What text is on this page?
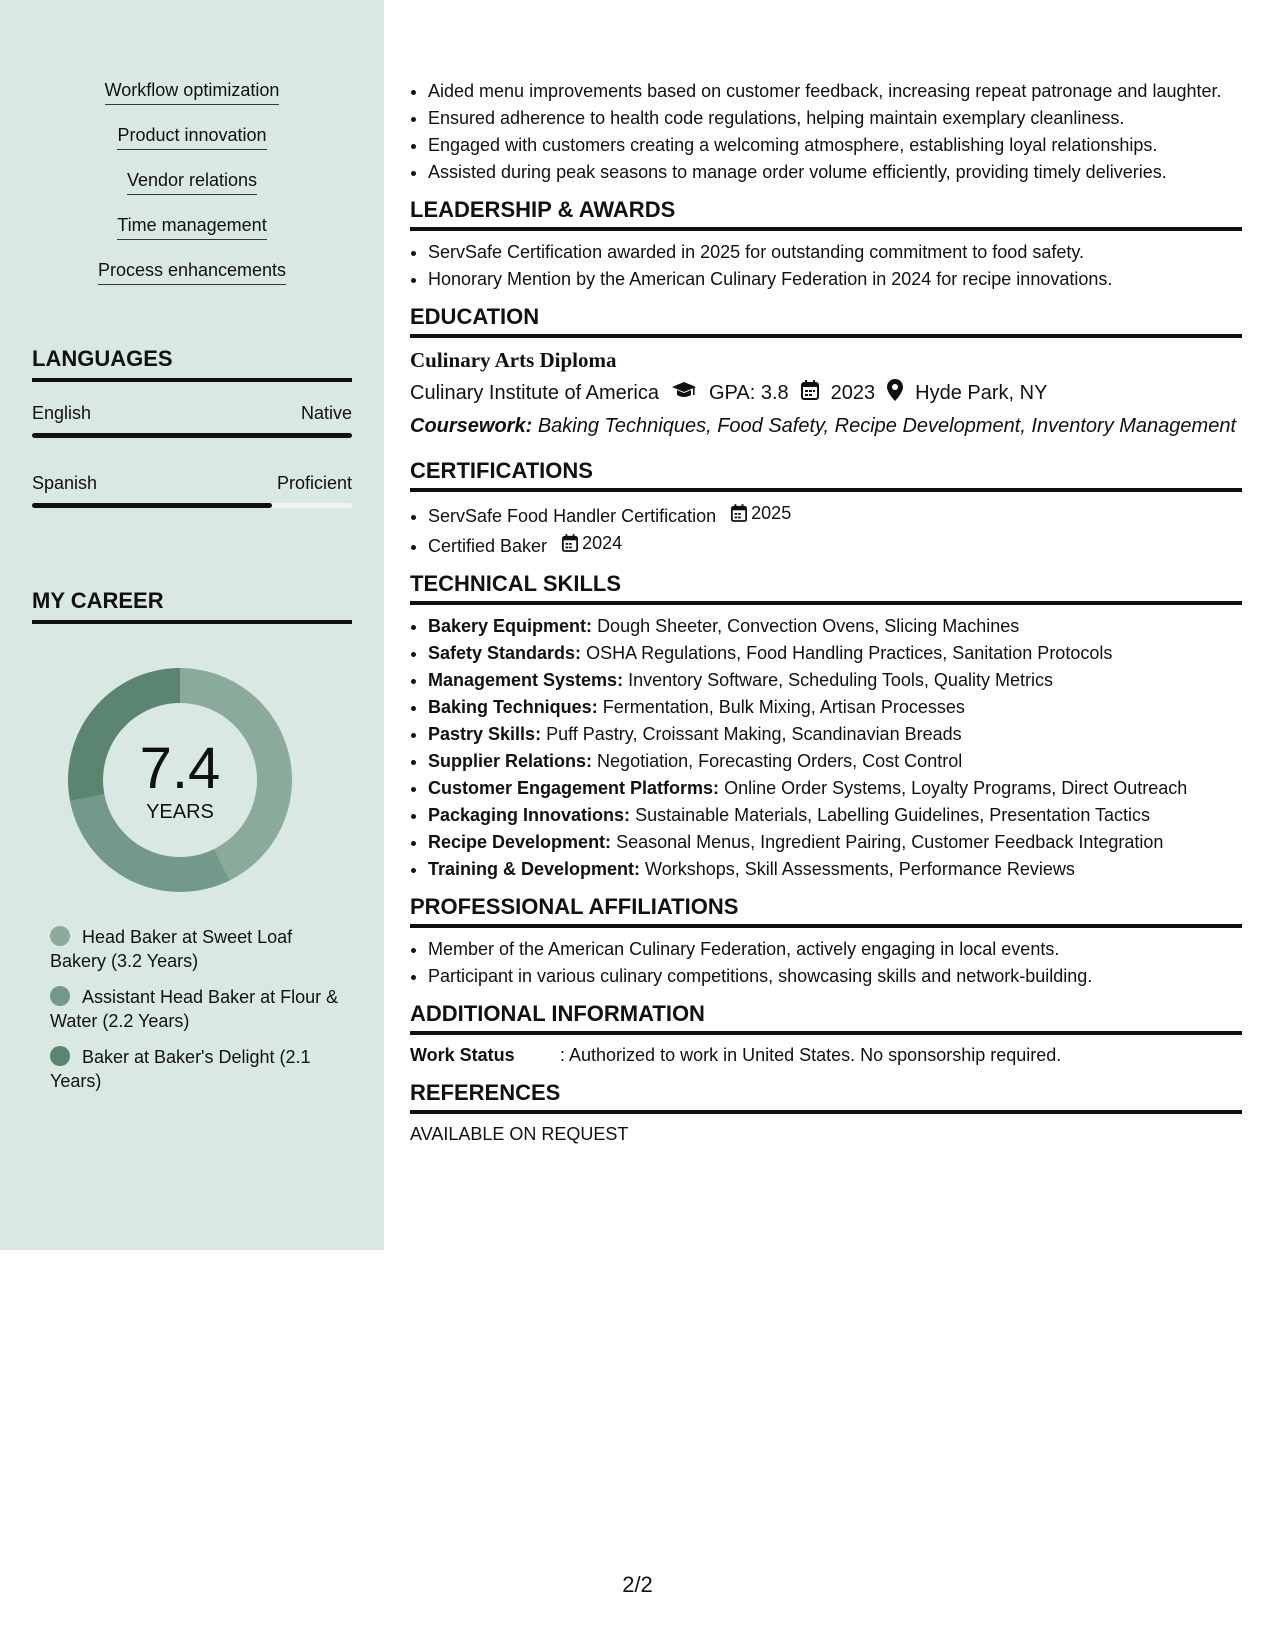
Workflow optimization
Product innovation
Vendor relations
Time management
Process enhancements
LANGUAGES
English	Native
Spanish	Proficient
MY CAREER
7.4
YEARS
Head Baker at Sweet Loaf Bakery (3.2 Years)
Assistant Head Baker at Flour & Water (2.2 Years)
Baker at Baker's Delight (2.1 Years)
• Aided menu improvements based on customer feedback, increasing repeat patronage and laughter.
• Ensured adherence to health code regulations, helping maintain exemplary cleanliness.
• Engaged with customers creating a welcoming atmosphere, establishing loyal relationships.
• Assisted during peak seasons to manage order volume efficiently, providing timely deliveries.
LEADERSHIP & AWARDS
• ServSafe Certification awarded in 2025 for outstanding commitment to food safety.
• Honorary Mention by the American Culinary Federation in 2024 for recipe innovations.
EDUCATION
Culinary Arts Diploma
Culinary Institute of America	GPA: 3.8 2023 Hyde Park, NY
Coursework: Baking Techniques, Food Safety, Recipe Development, Inventory Management
CERTIFICATIONS
• ServSafe Food Handler Certification 2025
• Certified Baker 2024
TECHNICAL SKILLS
• Bakery Equipment: Dough Sheeter, Convection Ovens, Slicing Machines
• Safety Standards: OSHA Regulations, Food Handling Practices, Sanitation Protocols
• Management Systems: Inventory Software, Scheduling Tools, Quality Metrics
• Baking Techniques: Fermentation, Bulk Mixing, Artisan Processes
• Pastry Skills: Puff Pastry, Croissant Making, Scandinavian Breads
• Supplier Relations: Negotiation, Forecasting Orders, Cost Control
• Customer Engagement Platforms: Online Order Systems, Loyalty Programs, Direct Outreach
• Packaging Innovations: Sustainable Materials, Labelling Guidelines, Presentation Tactics
• Recipe Development: Seasonal Menus, Ingredient Pairing, Customer Feedback Integration
• Training & Development: Workshops, Skill Assessments, Performance Reviews
PROFESSIONAL AFFILIATIONS
• Member of the American Culinary Federation, actively engaging in local events.
• Participant in various culinary competitions, showcasing skills and network-building.
ADDITIONAL INFORMATION
Work Status	: Authorized to work in United States. No sponsorship required.
REFERENCES
AVAILABLE ON REQUEST
2/2
